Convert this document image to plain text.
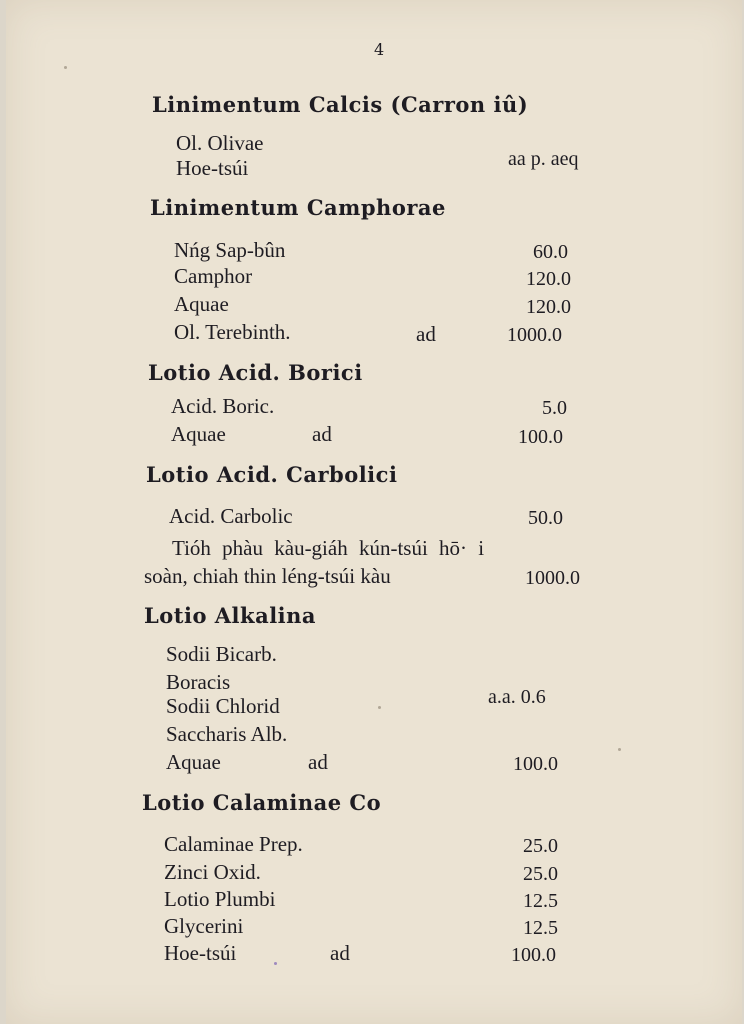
4
Linimentum Calcis (Carron iû)
Ol. Olivae
Hoe-tsúi	aa p. aeq
Linimentum Camphorae
Nńg Sap-bûn	60.0
Camphor	120.0
Aquae	120.0
Ol. Terebinth.	ad	1000.0
Lotio Acid. Borici
Acid. Boric.	5.0
Aquae	ad	100.0
Lotio Acid. Carbolici
Acid. Carbolic	50.0
Tióh phàu kàu-giáh kún-tsúi hō· i
soàn, chiah thin léng-tsúi kàu	1000.0
Lotio Alkalina
Sodii Bicarb.
Boracis
Sodii Chlorid	a.a. 0.6
Saccharis Alb.
Aquae	ad	100.0
Lotio Calaminae Co
Calaminae Prep.	25.0
Zinci Oxid.	25.0
Lotio Plumbi	12.5
Glycerini	12.5
Hoe-tsúi	ad	100.0
